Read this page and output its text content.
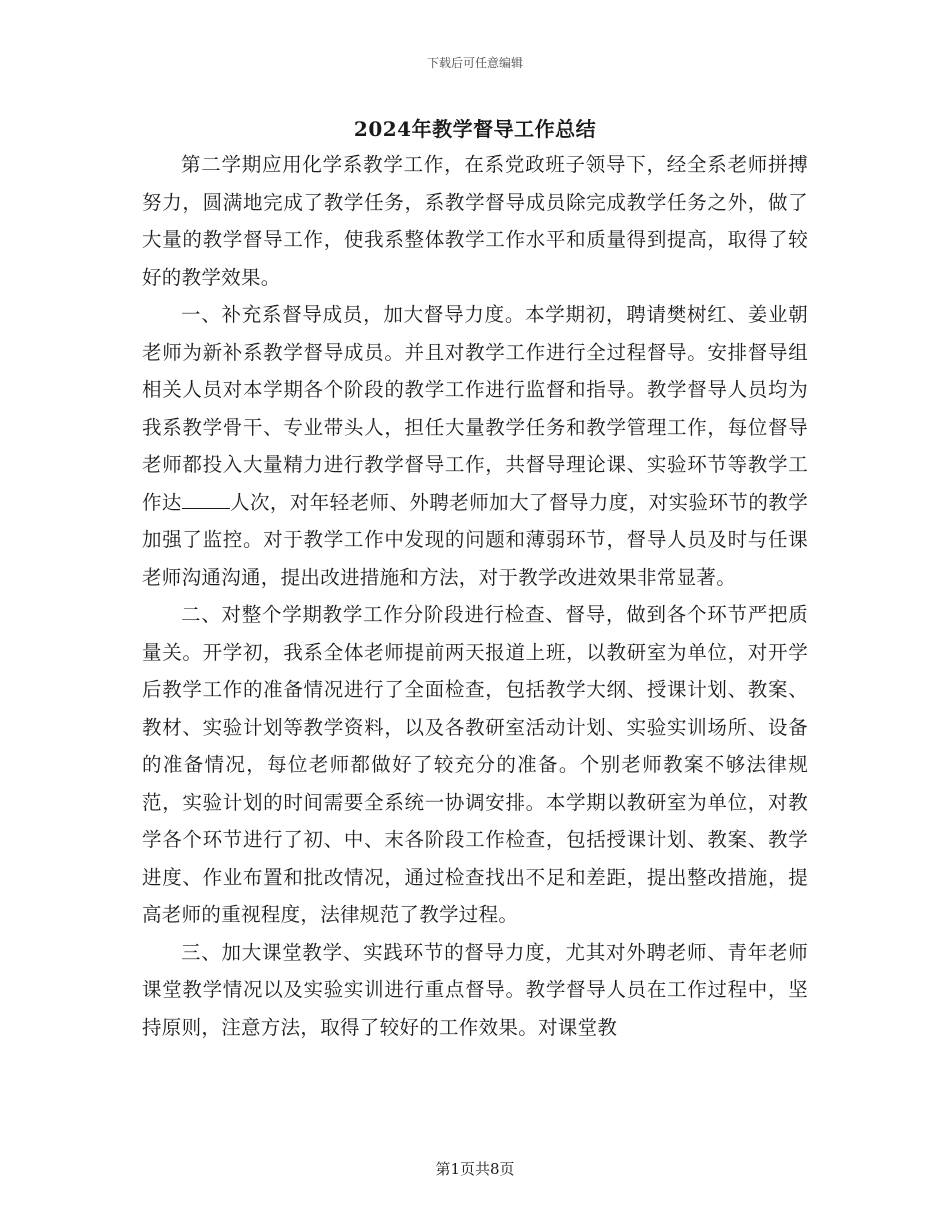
下载后可任意编辑
2024年教学督导工作总结

第二学期应用化学系教学工作，在系党政班子领导下，经全系老师拼搏努力，圆满地完成了教学任务，系教学督导成员除完成教学任务之外，做了大量的教学督导工作，使我系整体教学工作水平和质量得到提高，取得了较好的教学效果。

一、补充系督导成员，加大督导力度。本学期初，聘请樊树红、姜业朝老师为新补系教学督导成员。并且对教学工作进行全过程督导。安排督导组相关人员对本学期各个阶段的教学工作进行监督和指导。教学督导人员均为我系教学骨干、专业带头人，担任大量教学任务和教学管理工作，每位督导老师都投入大量精力进行教学督导工作，共督导理论课、实验环节等教学工作达 人次，对年轻老师、外聘老师加大了督导力度，对实验环节的教学加强了监控。对于教学工作中发现的问题和薄弱环节，督导人员及时与任课老师沟通沟通，提出改进措施和方法，对于教学改进效果非常显著。

二、对整个学期教学工作分阶段进行检查、督导，做到各个环节严把质量关。开学初，我系全体老师提前两天报道上班，以教研室为单位，对开学后教学工作的准备情况进行了全面检查，包括教学大纲、授课计划、教案、教材、实验计划等教学资料，以及各教研室活动计划、实验实训场所、设备的准备情况，每位老师都做好了较充分的准备。个别老师教案不够法律规范，实验计划的时间需要全系统一协调安排。本学期以教研室为单位，对教学各个环节进行了初、中、末各阶段工作检查，包括授课计划、教案、教学进度、作业布置和批改情况，通过检查找出不足和差距，提出整改措施，提高老师的重视程度，法律规范了教学过程。

三、加大课堂教学、实践环节的督导力度，尤其对外聘老师、青年老师课堂教学情况以及实验实训进行重点督导。教学督导人员在工作过程中，坚持原则，注意方法，取得了较好的工作效果。对课堂教

第1页共8页
